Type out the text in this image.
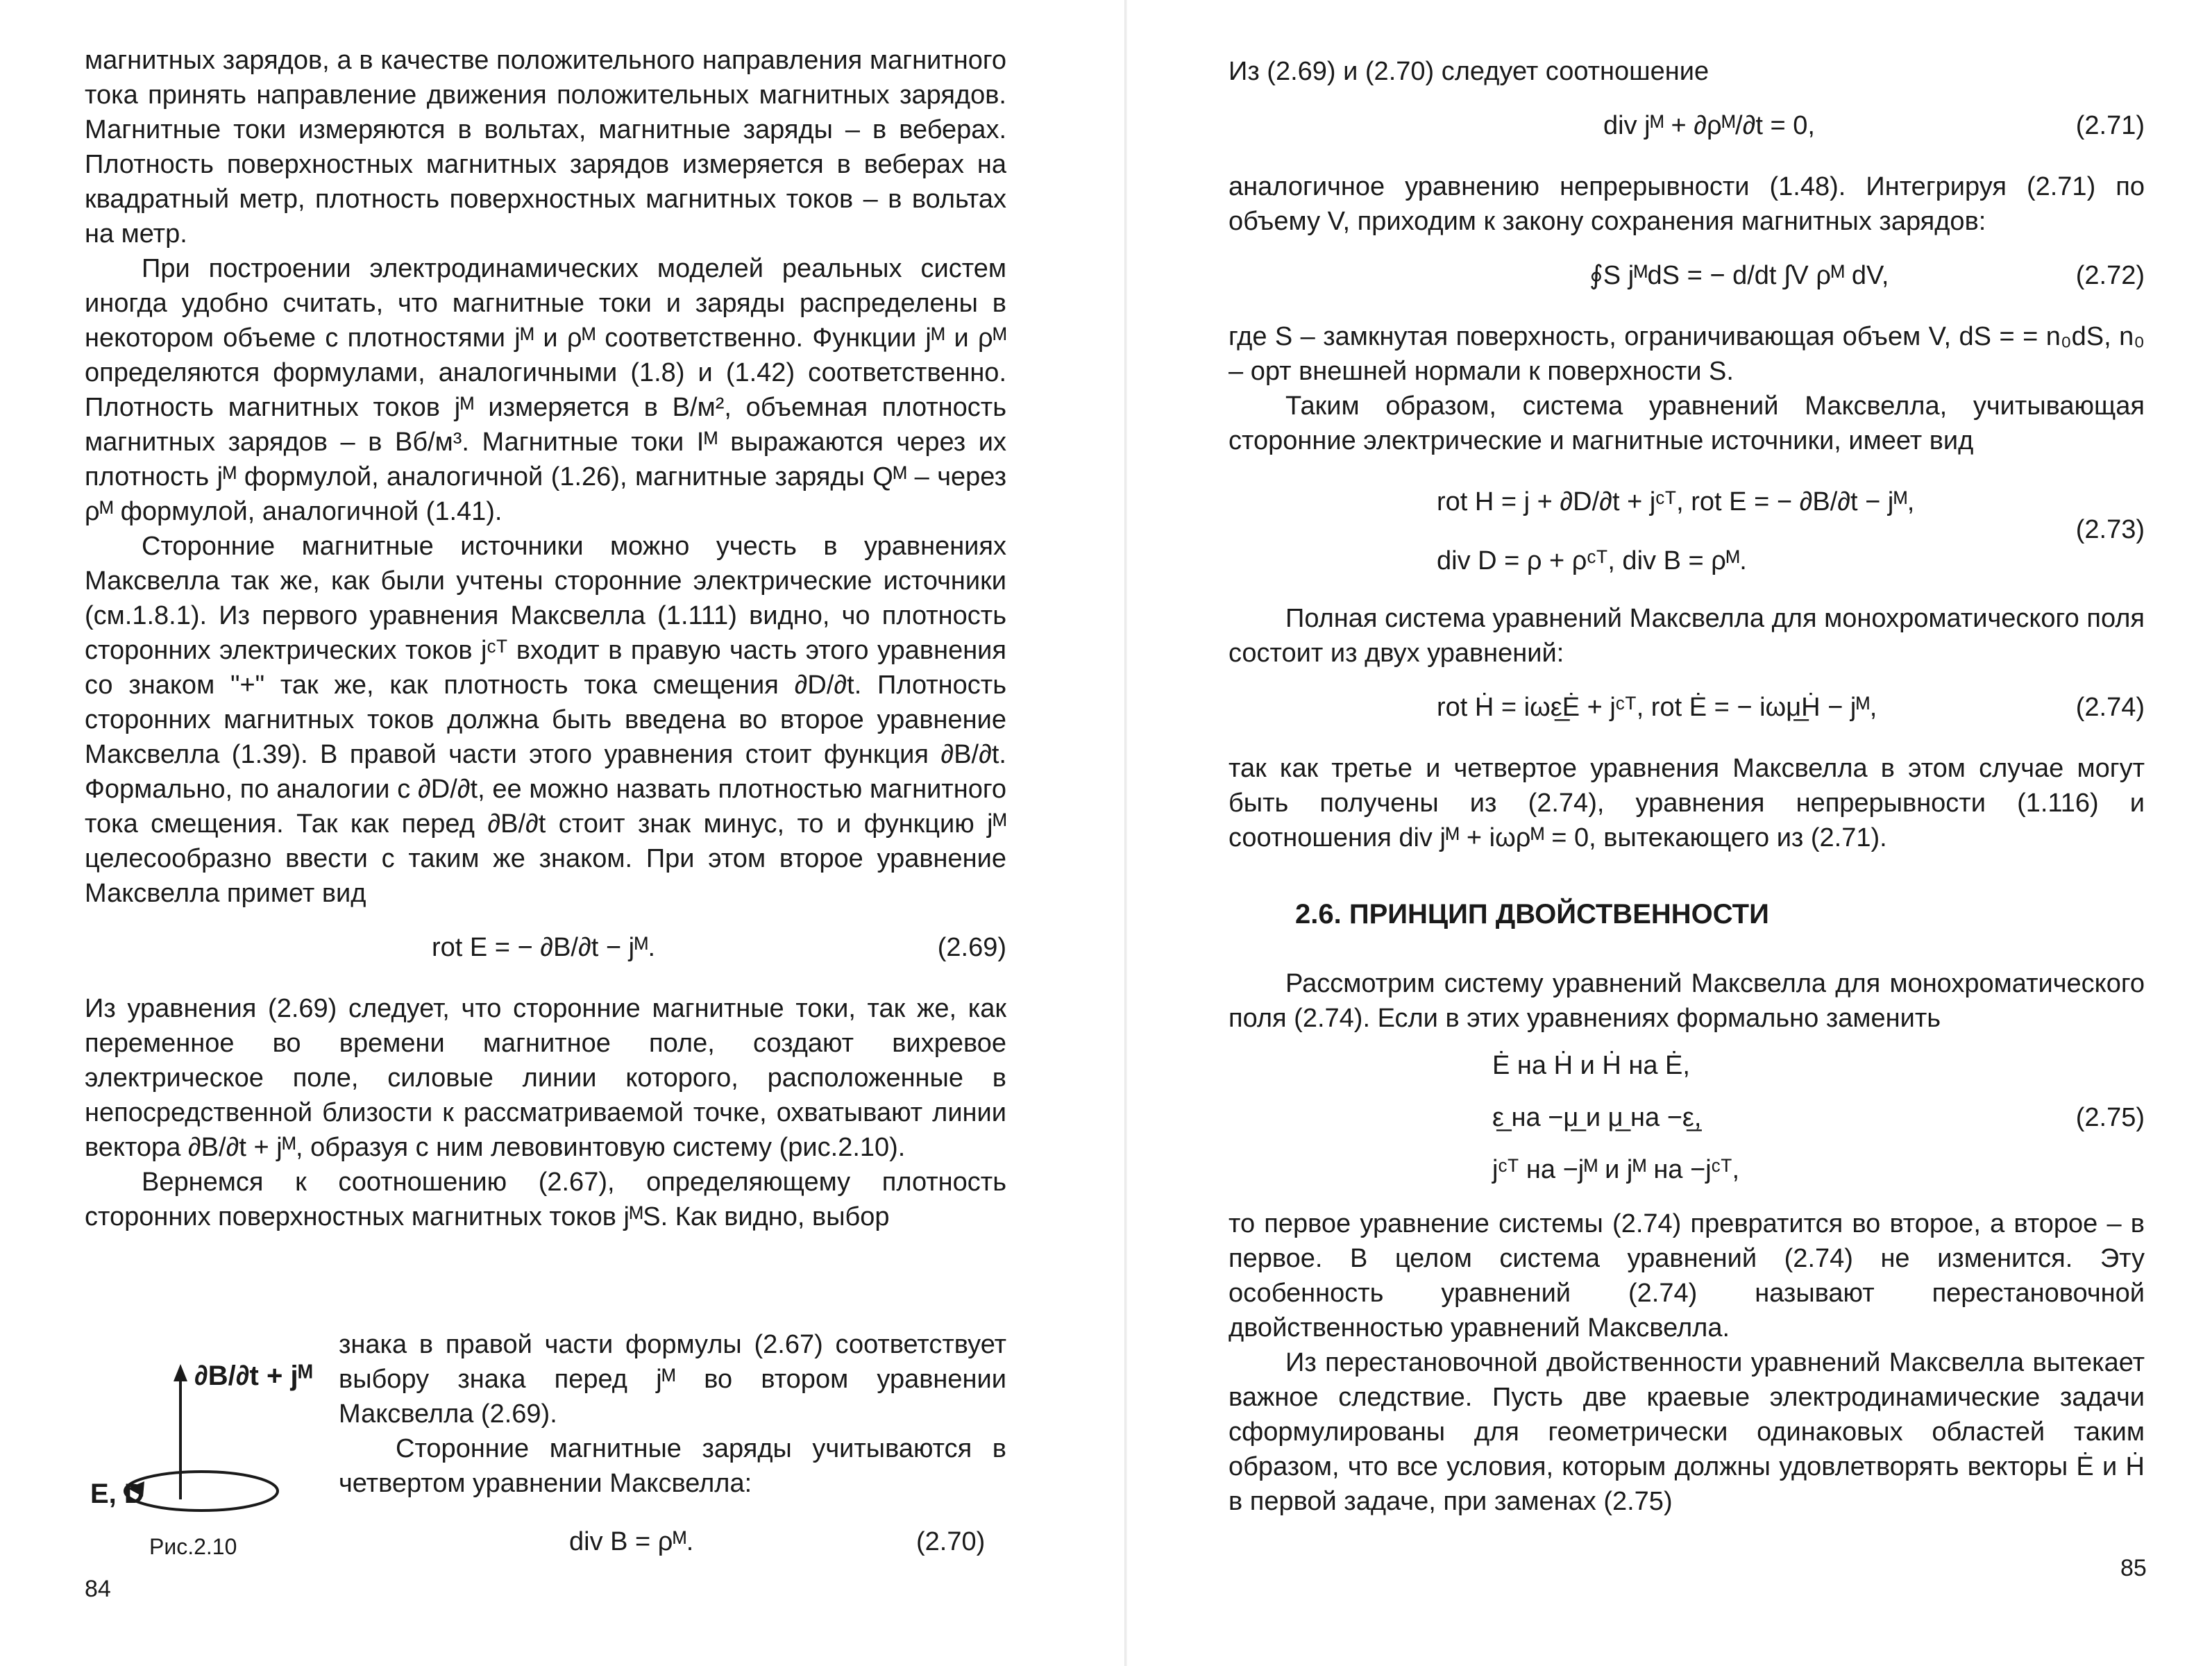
магнитных зарядов, а в качестве положительного направления магнитного тока принять направление движения положительных магнитных зарядов. Магнитные токи измеряются в вольтах, магнитные заряды – в веберах. Плотность поверхностных магнитных зарядов измеряется в веберах на квадратный метр, плотность поверхностных магнитных токов – в вольтах на метр.

При построении электродинамических моделей реальных систем иногда удобно считать, что магнитные токи и заряды распределены в некотором объеме с плотностями jᴹ и ρᴹ соответственно. Функции jᴹ и ρᴹ определяются формулами, аналогичными (1.8) и (1.42) соответственно. Плотность магнитных токов jᴹ измеряется в В/м², объемная плотность магнитных зарядов – в Вб/м³. Магнитные токи Iᴹ выражаются через их плотность jᴹ формулой, аналогичной (1.26), магнитные заряды Qᴹ – через ρᴹ формулой, аналогичной (1.41).

Сторонние магнитные источники можно учесть в уравнениях Максвелла так же, как были учтены сторонние электрические источники (см.1.8.1). Из первого уравнения Максвелла (1.111) видно, чо плотность сторонних электрических токов jᶜᵀ входит в правую часть этого уравнения со знаком "+" так же, как плотность тока смещения ∂D/∂t. Плотность сторонних магнитных токов должна быть введена во второе уравнение Максвелла (1.39). В правой части этого уравнения стоит функция ∂B/∂t. Формально, по аналогии с ∂D/∂t, ее можно назвать плотностью магнитного тока смещения. Так как перед ∂B/∂t стоит знак минус, то и функцию jᴹ целесообразно ввести с таким же знаком. При этом второе уравнение Максвелла примет вид

rot E = − ∂B/∂t − jᴹ.	(2.69)

Из уравнения (2.69) следует, что сторонние магнитные токи, так же, как переменное во времени магнитное поле, создают вихревое электрическое поле, силовые линии которого, расположенные в непосредственной близости к рассматриваемой точке, охватывают линии вектора ∂B/∂t + jᴹ, образуя с ним левовинтовую систему (рис.2.10).

Вернемся к соотношению (2.67), определяющему плотность сторонних поверхностных магнитных токов jᴹS. Как видно, выбор

∂B/∂t + jᴹ
E, D
Рис.2.10

знака в правой части формулы (2.67) соответствует выбору знака перед jᴹ во втором уравнении Максвелла (2.69).

Сторонние магнитные заряды учитываются в четвертом уравнении Максвелла:

div B = ρᴹ.	(2.70)
84

Из (2.69) и (2.70) следует соотношение

div jᴹ + ∂ρᴹ/∂t = 0,	(2.71)

аналогичное уравнению непрерывности (1.48). Интегрируя (2.71) по объему V, приходим к закону сохранения магнитных зарядов:

∮S jᴹdS = − d/dt ∫V ρᴹ dV,	(2.72)

где S – замкнутая поверхность, ограничивающая объем V, dS = = n₀dS, n₀ – орт внешней нормали к поверхности S.

Таким образом, система уравнений Максвелла, учитывающая сторонние электрические и магнитные источники, имеет вид

rot H = j + ∂D/∂t + jᶜᵀ, rot E = − ∂B/∂t − jᴹ,
div D = ρ + ρᶜᵀ, div B = ρᴹ.
(2.73)

Полная система уравнений Максвелла для монохроматического поля состоит из двух уравнений:

rot Ḣ = iωε̲Ė + jᶜᵀ, rot Ė = − iωμ̲Ḣ − jᴹ,	(2.74)

так как третье и четвертое уравнения Максвелла в этом случае могут быть получены из (2.74), уравнения непрерывности (1.116) и соотношения div jᴹ + iωρᴹ = 0, вытекающего из (2.71).

2.6. ПРИНЦИП ДВОЙСТВЕННОСТИ

Рассмотрим систему уравнений Максвелла для монохроматического поля (2.74). Если в этих уравнениях формально заменить

Ė на Ḣ и Ḣ на Ė,
ε̲ на −μ̲ и μ̲ на −ε̲,
jᶜᵀ на −jᴹ и jᴹ на −jᶜᵀ,
(2.75)

то первое уравнение системы (2.74) превратится во второе, а второе – в первое. В целом система уравнений (2.74) не изменится. Эту особенность уравнений (2.74) называют перестановочной двойственностью уравнений Максвелла.

Из перестановочной двойственности уравнений Максвелла вытекает важное следствие. Пусть две краевые электродинамические задачи сформулированы для геометрически одинаковых областей таким образом, что все условия, которым должны удовлетворять векторы Ė и Ḣ в первой задаче, при заменах (2.75)

85
